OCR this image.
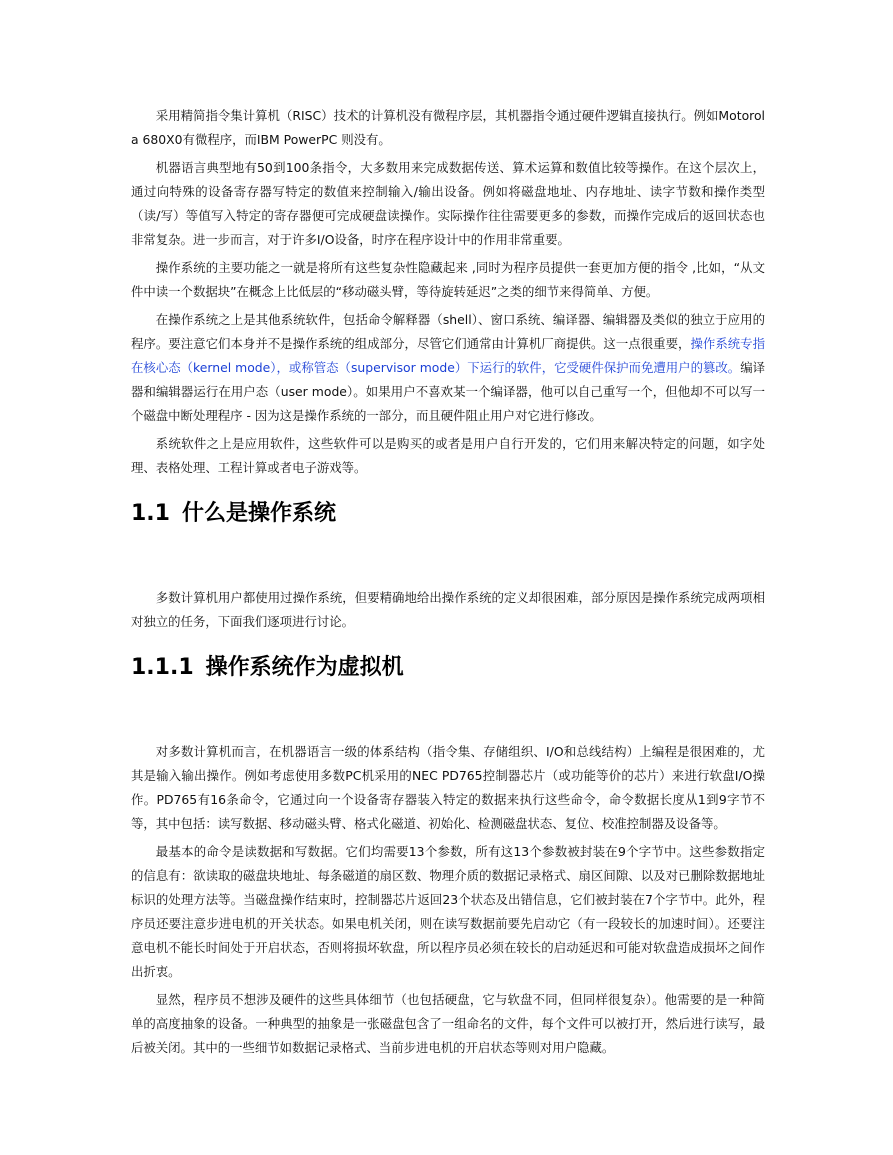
采用精简指令集计算机（RISC）技术的计算机没有微程序层，其机器指令通过硬件逻辑直接执行。例如Motorola 680X0有微程序，而IBM PowerPC 则没有。

机器语言典型地有50到100条指令，大多数用来完成数据传送、算术运算和数值比较等操作。在这个层次上，通过向特殊的设备寄存器写特定的数值来控制输入/输出设备。例如将磁盘地址、内存地址、读字节数和操作类型（读/写）等值写入特定的寄存器便可完成硬盘读操作。实际操作往往需要更多的参数，而操作完成后的返回状态也非常复杂。进一步而言，对于许多I/O设备，时序在程序设计中的作用非常重要。

操作系统的主要功能之一就是将所有这些复杂性隐藏起来 ,同时为程序员提供一套更加方便的指令 ,比如，“从文件中读一个数据块”在概念上比低层的“移动磁头臂，等待旋转延迟”之类的细节来得简单、方便。

在操作系统之上是其他系统软件，包括命令解释器（shell）、窗口系统、编译器、编辑器及类似的独立于应用的程序。要注意它们本身并不是操作系统的组成部分，尽管它们通常由计算机厂商提供。这一点很重要，操作系统专指在核心态（kernel mode），或称管态（supervisor mode）下运行的软件，它受硬件保护而免遭用户的篡改。编译器和编辑器运行在用户态（user mode）。如果用户不喜欢某一个编译器，他可以自己重写一个，但他却不可以写一个磁盘中断处理程序 - 因为这是操作系统的一部分，而且硬件阻止用户对它进行修改。

系统软件之上是应用软件，这些软件可以是购买的或者是用户自行开发的，它们用来解决特定的问题，如字处理、表格处理、工程计算或者电子游戏等。

1.1 什么是操作系统

多数计算机用户都使用过操作系统，但要精确地给出操作系统的定义却很困难，部分原因是操作系统完成两项相对独立的任务，下面我们逐项进行讨论。

1.1.1 操作系统作为虚拟机

对多数计算机而言，在机器语言一级的体系结构（指令集、存储组织、I/O和总线结构）上编程是很困难的，尤其是输入输出操作。例如考虑使用多数PC机采用的NEC PD765控制器芯片（或功能等价的芯片）来进行软盘I/O操作。PD765有16条命令，它通过向一个设备寄存器装入特定的数据来执行这些命令，命令数据长度从1到9字节不等，其中包括：读写数据、移动磁头臂、格式化磁道、初始化、检测磁盘状态、复位、校准控制器及设备等。

最基本的命令是读数据和写数据。它们均需要13个参数，所有这13个参数被封装在9个字节中。这些参数指定的信息有：欲读取的磁盘块地址、每条磁道的扇区数、物理介质的数据记录格式、扇区间隙、以及对已删除数据地址标识的处理方法等。当磁盘操作结束时，控制器芯片返回23个状态及出错信息，它们被封装在7个字节中。此外，程序员还要注意步进电机的开关状态。如果电机关闭，则在读写数据前要先启动它（有一段较长的加速时间）。还要注意电机不能长时间处于开启状态，否则将损坏软盘，所以程序员必须在较长的启动延迟和可能对软盘造成损坏之间作出折衷。

显然，程序员不想涉及硬件的这些具体细节（也包括硬盘，它与软盘不同，但同样很复杂）。他需要的是一种简单的高度抽象的设备。一种典型的抽象是一张磁盘包含了一组命名的文件，每个文件可以被打开，然后进行读写，最后被关闭。其中的一些细节如数据记录格式、当前步进电机的开启状态等则对用户隐藏。
